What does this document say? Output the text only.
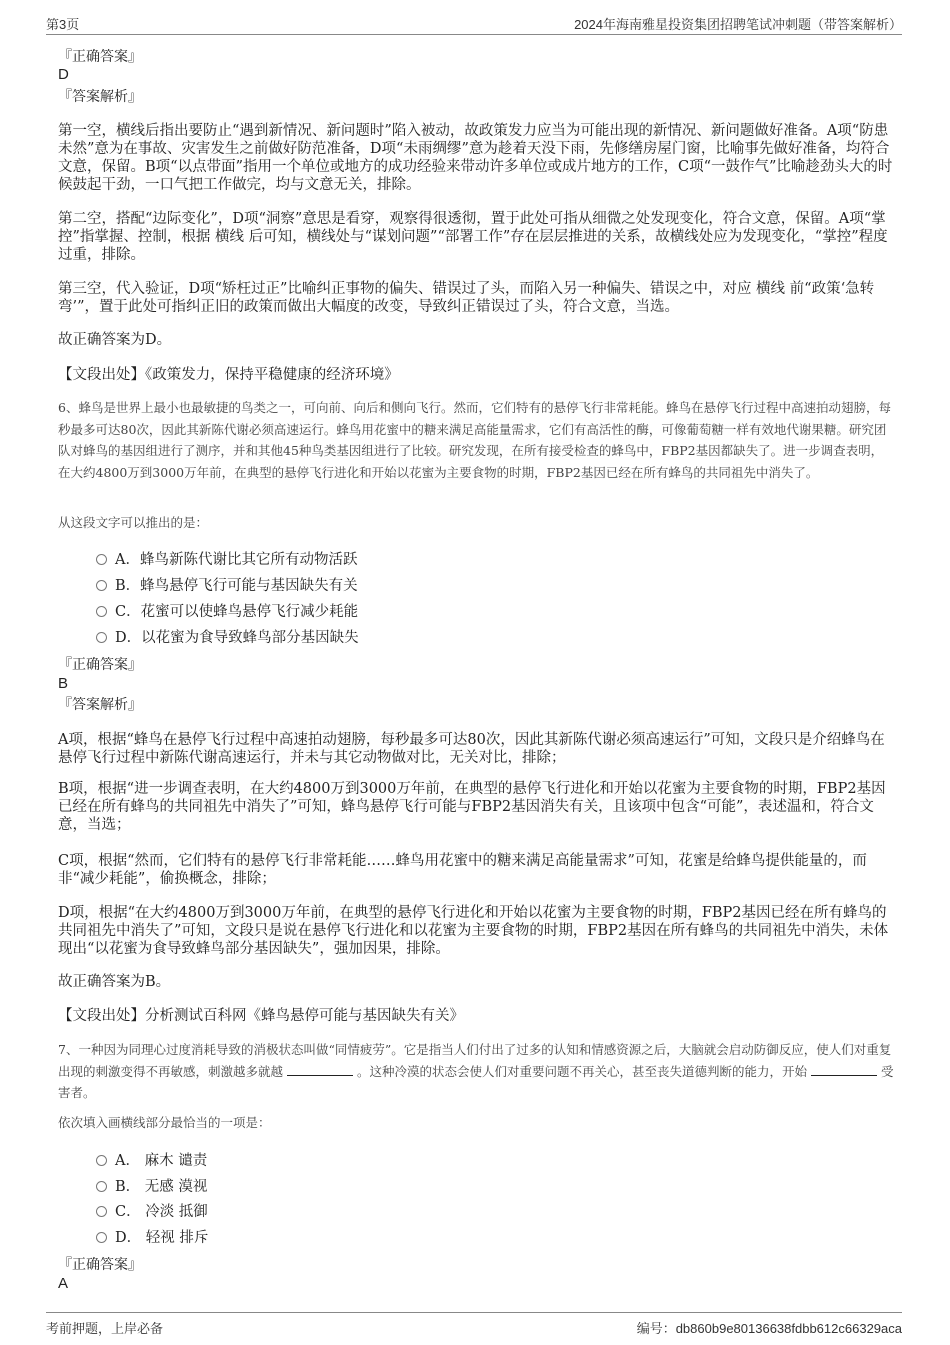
第3页	2024年海南雅星投资集团招聘笔试冲刺题（带答案解析）
『正确答案』
D
『答案解析』
第一空，横线后指出要防止“遇到新情况、新问题时”陷入被动，故政策发力应当为可能出现的新情况、新问题做好准备。A项“防患未然”意为在事故、灾害发生之前做好防范准备，D项“未雨绸缪”意为趁着天没下雨，先修缮房屋门窗，比喻事先做好准备，均符合文意，保留。B项“以点带面”指用一个单位或地方的成功经验来带动许多单位或成片地方的工作，C项“一鼓作气”比喻趁劲头大的时候鼓起干劲，一口气把工作做完，均与文意无关，排除。
第二空，搭配“边际变化”，D项“洞察”意思是看穿，观察得很透彻，置于此处可指从细微之处发现变化，符合文意，保留。A项“掌控”指掌握、控制，根据 横线 后可知，横线处与“谋划问题”“部署工作”存在层层推进的关系，故横线处应为发现变化，“掌控”程度过重，排除。
第三空，代入验证，D项“矫枉过正”比喻纠正事物的偏失、错误过了头，而陷入另一种偏失、错误之中，对应 横线 前“政策‘急转弯’”，置于此处可指纠正旧的政策而做出大幅度的改变，导致纠正错误过了头，符合文意，当选。
故正确答案为D。
【文段出处】《政策发力，保持平稳健康的经济环境》
6、蜂鸟是世界上最小也最敏捷的鸟类之一，可向前、向后和侧向飞行。然而，它们特有的悬停飞行非常耗能。蜂鸟在悬停飞行过程中高速拍动翅膀，每秒最多可达80次，因此其新陈代谢必须高速运行。蜂鸟用花蜜中的糖来满足高能量需求，它们有高活性的酶，可像葡萄糖一样有效地代谢果糖。研究团队对蜂鸟的基因组进行了测序，并和其他45种鸟类基因组进行了比较。研究发现，在所有接受检查的蜂鸟中，FBP2基因都缺失了。进一步调查表明，在大约4800万到3000万年前，在典型的悬停飞行进化和开始以花蜜为主要食物的时期，FBP2基因已经在所有蜂鸟的共同祖先中消失了。
从这段文字可以推出的是：
A．蜂鸟新陈代谢比其它所有动物活跃
B．蜂鸟悬停飞行可能与基因缺失有关
C．花蜜可以使蜂鸟悬停飞行减少耗能
D．以花蜜为食导致蜂鸟部分基因缺失
『正确答案』
B
『答案解析』
A项，根据“蜂鸟在悬停飞行过程中高速拍动翅膀，每秒最多可达80次，因此其新陈代谢必须高速运行”可知，文段只是介绍蜂鸟在悬停飞行过程中新陈代谢高速运行，并未与其它动物做对比，无关对比，排除；
B项，根据“进一步调查表明，在大约4800万到3000万年前，在典型的悬停飞行进化和开始以花蜜为主要食物的时期，FBP2基因已经在所有蜂鸟的共同祖先中消失了”可知，蜂鸟悬停飞行可能与FBP2基因消失有关，且该项中包含“可能”，表述温和，符合文意，当选；
C项，根据“然而，它们特有的悬停飞行非常耗能……蜂鸟用花蜜中的糖来满足高能量需求”可知，花蜜是给蜂鸟提供能量的，而非“减少耗能”，偷换概念，排除；
D项，根据“在大约4800万到3000万年前，在典型的悬停飞行进化和开始以花蜜为主要食物的时期，FBP2基因已经在所有蜂鸟的共同祖先中消失了”可知，文段只是说在悬停飞行进化和以花蜜为主要食物的时期，FBP2基因在所有蜂鸟的共同祖先中消失，未体现出“以花蜜为食导致蜂鸟部分基因缺失”，强加因果，排除。
故正确答案为B。
【文段出处】分析测试百科网《蜂鸟悬停可能与基因缺失有关》
7、一种因为同理心过度消耗导致的消极状态叫做“同情疲劳”。它是指当人们付出了过多的认知和情感资源之后，大脑就会启动防御反应，使人们对重复出现的刺激变得不再敏感，刺激越多就越	。这种冷漠的状态会使人们对重要问题不再关心，甚至丧失道德判断的能力，开始	受害者。
依次填入画横线部分最恰当的一项是：
A． 麻木 谴责
B． 无感 漠视
C． 冷淡 抵御
D． 轻视 排斥
『正确答案』
A
考前押题，上岸必备	编号：db860b9e80136638fdbb612c66329aca
